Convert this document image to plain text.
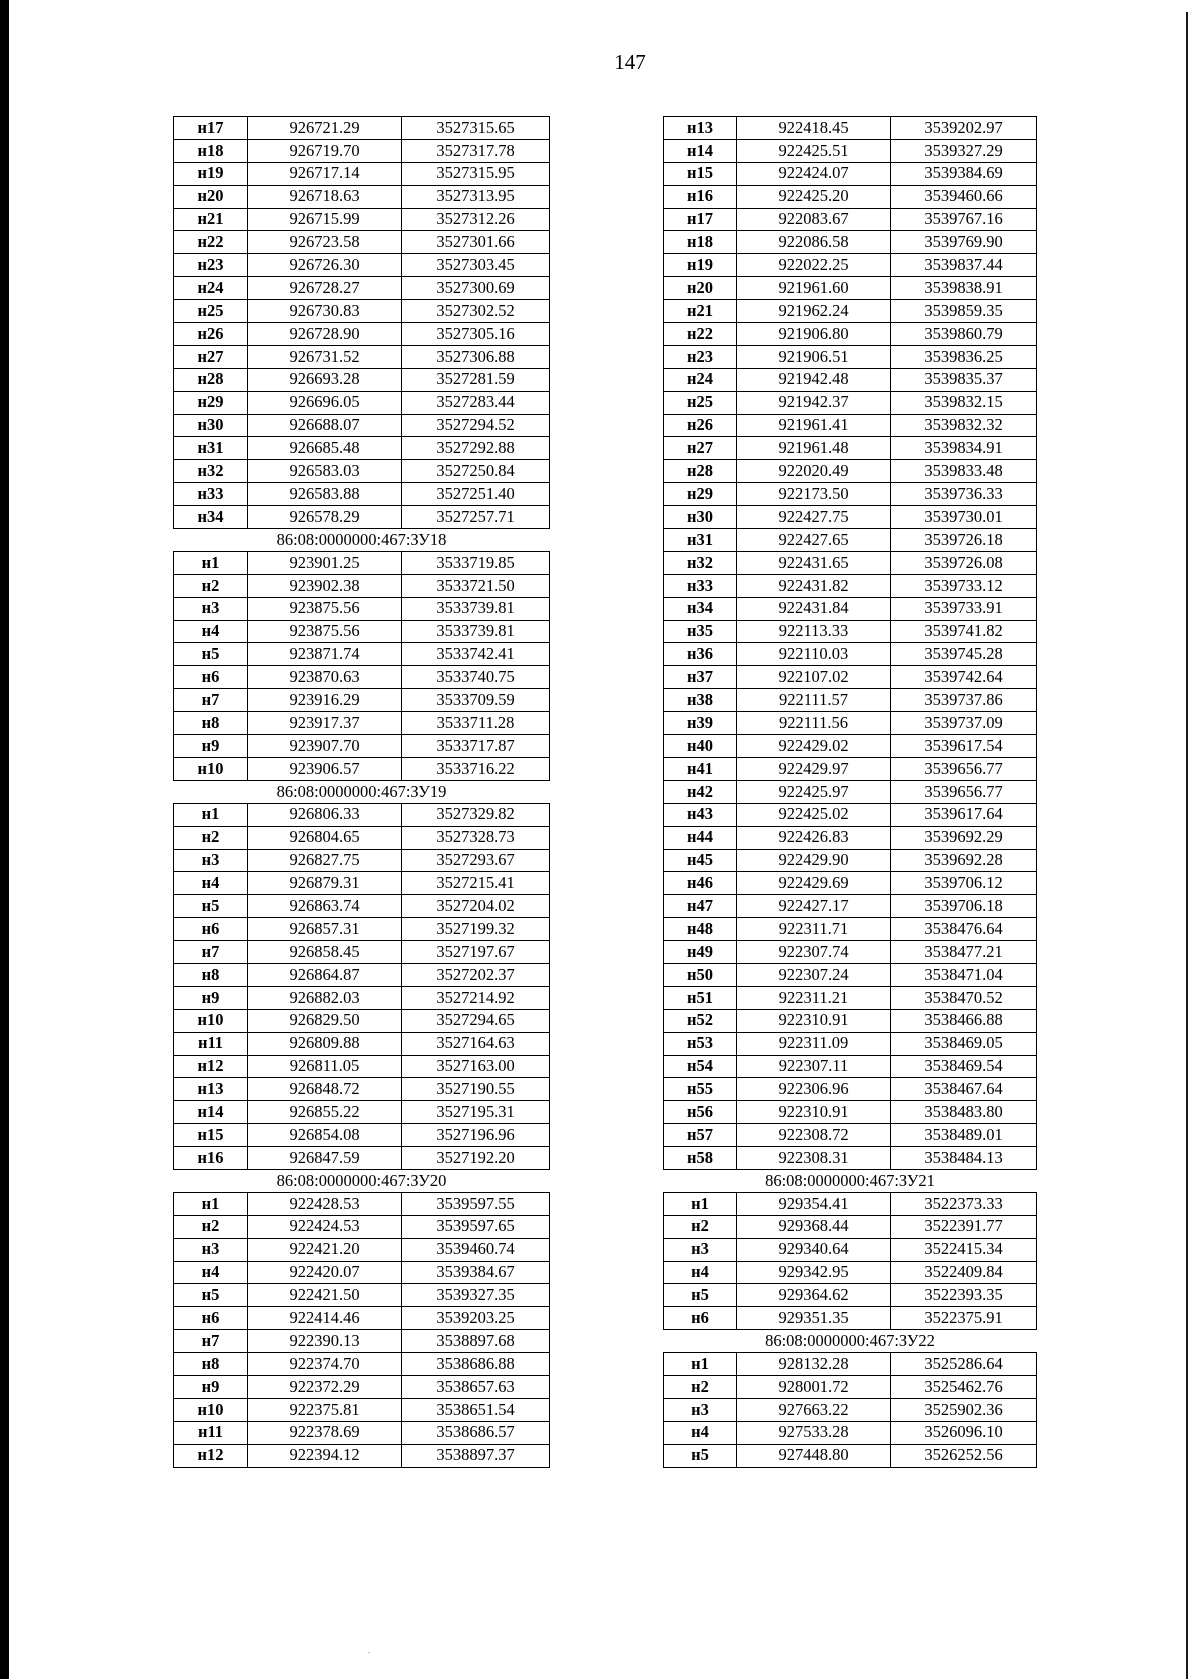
147
н17	926721.29	3527315.65
н18	926719.70	3527317.78
н19	926717.14	3527315.95
н20	926718.63	3527313.95
н21	926715.99	3527312.26
н22	926723.58	3527301.66
н23	926726.30	3527303.45
н24	926728.27	3527300.69
н25	926730.83	3527302.52
н26	926728.90	3527305.16
н27	926731.52	3527306.88
н28	926693.28	3527281.59
н29	926696.05	3527283.44
н30	926688.07	3527294.52
н31	926685.48	3527292.88
н32	926583.03	3527250.84
н33	926583.88	3527251.40
н34	926578.29	3527257.71
86:08:0000000:467:ЗУ18		
н1	923901.25	3533719.85
н2	923902.38	3533721.50
н3	923875.56	3533739.81
н4	923875.56	3533739.81
н5	923871.74	3533742.41
н6	923870.63	3533740.75
н7	923916.29	3533709.59
н8	923917.37	3533711.28
н9	923907.70	3533717.87
н10	923906.57	3533716.22
86:08:0000000:467:ЗУ19		
н1	926806.33	3527329.82
н2	926804.65	3527328.73
н3	926827.75	3527293.67
н4	926879.31	3527215.41
н5	926863.74	3527204.02
н6	926857.31	3527199.32
н7	926858.45	3527197.67
н8	926864.87	3527202.37
н9	926882.03	3527214.92
н10	926829.50	3527294.65
н11	926809.88	3527164.63
н12	926811.05	3527163.00
н13	926848.72	3527190.55
н14	926855.22	3527195.31
н15	926854.08	3527196.96
н16	926847.59	3527192.20
86:08:0000000:467:ЗУ20		
н1	922428.53	3539597.55
н2	922424.53	3539597.65
н3	922421.20	3539460.74
н4	922420.07	3539384.67
н5	922421.50	3539327.35
н6	922414.46	3539203.25
н7	922390.13	3538897.68
н8	922374.70	3538686.88
н9	922372.29	3538657.63
н10	922375.81	3538651.54
н11	922378.69	3538686.57
н12	922394.12	3538897.37
н13	922418.45	3539202.97
н14	922425.51	3539327.29
н15	922424.07	3539384.69
н16	922425.20	3539460.66
н17	922083.67	3539767.16
н18	922086.58	3539769.90
н19	922022.25	3539837.44
н20	921961.60	3539838.91
н21	921962.24	3539859.35
н22	921906.80	3539860.79
н23	921906.51	3539836.25
н24	921942.48	3539835.37
н25	921942.37	3539832.15
н26	921961.41	3539832.32
н27	921961.48	3539834.91
н28	922020.49	3539833.48
н29	922173.50	3539736.33
н30	922427.75	3539730.01
н31	922427.65	3539726.18
н32	922431.65	3539726.08
н33	922431.82	3539733.12
н34	922431.84	3539733.91
н35	922113.33	3539741.82
н36	922110.03	3539745.28
н37	922107.02	3539742.64
н38	922111.57	3539737.86
н39	922111.56	3539737.09
н40	922429.02	3539617.54
н41	922429.97	3539656.77
н42	922425.97	3539656.77
н43	922425.02	3539617.64
н44	922426.83	3539692.29
н45	922429.90	3539692.28
н46	922429.69	3539706.12
н47	922427.17	3539706.18
н48	922311.71	3538476.64
н49	922307.74	3538477.21
н50	922307.24	3538471.04
н51	922311.21	3538470.52
н52	922310.91	3538466.88
н53	922311.09	3538469.05
н54	922307.11	3538469.54
н55	922306.96	3538467.64
н56	922310.91	3538483.80
н57	922308.72	3538489.01
н58	922308.31	3538484.13
86:08:0000000:467:ЗУ21		
н1	929354.41	3522373.33
н2	929368.44	3522391.77
н3	929340.64	3522415.34
н4	929342.95	3522409.84
н5	929364.62	3522393.35
н6	929351.35	3522375.91
86:08:0000000:467:ЗУ22		
н1	928132.28	3525286.64
н2	928001.72	3525462.76
н3	927663.22	3525902.36
н4	927533.28	3526096.10
н5	927448.80	3526252.56
